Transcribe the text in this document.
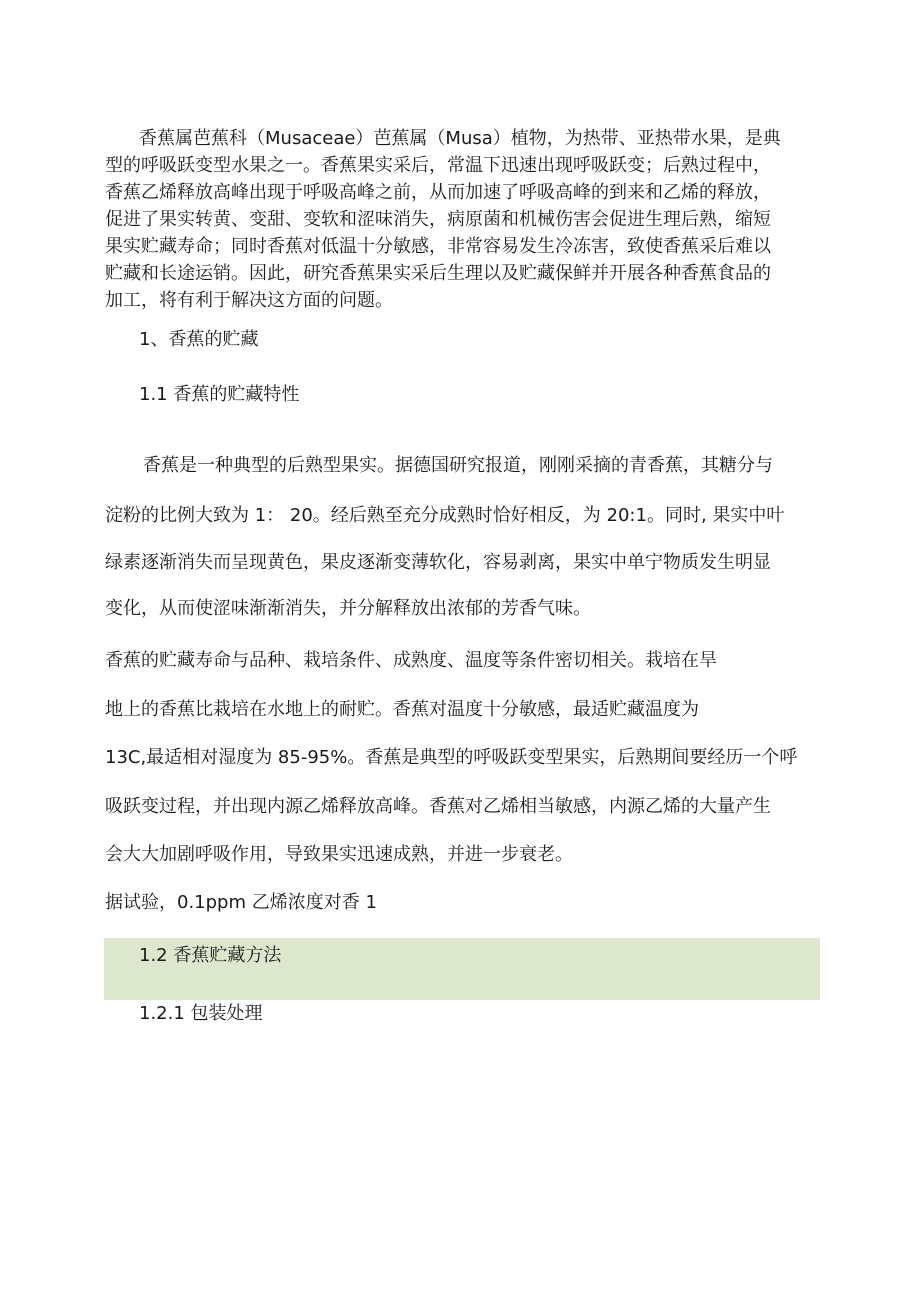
香蕉属芭蕉科（Musaceae）芭蕉属（Musa）植物，为热带、亚热带水果，是典

型的呼吸跃变型水果之一。香蕉果实采后，常温下迅速出现呼吸跃变；后熟过程中，

香蕉乙烯释放高峰出现于呼吸高峰之前，从而加速了呼吸高峰的到来和乙烯的释放，

促进了果实转黄、变甜、变软和涩味消失，病原菌和机械伤害会促进生理后熟，缩短

果实贮藏寿命；同时香蕉对低温十分敏感，非常容易发生冷冻害，致使香蕉采后难以

贮藏和长途运销。因此，研究香蕉果实采后生理以及贮藏保鲜并开展各种香蕉食品的

加工，将有利于解决这方面的问题。

1、香蕉的贮藏

1.1 香蕉的贮藏特性

香蕉是一种典型的后熟型果实。据德国研究报道，刚刚采摘的青香蕉，其糖分与

淀粉的比例大致为 1： 20。经后熟至充分成熟时恰好相反，为 20:1。同时, 果实中叶

绿素逐渐消失而呈现黄色，果皮逐渐变薄软化，容易剥离，果实中单宁物质发生明显

变化，从而使涩味渐渐消失，并分解释放出浓郁的芳香气味。

香蕉的贮藏寿命与品种、栽培条件、成熟度、温度等条件密切相关。栽培在旱

地上的香蕉比栽培在水地上的耐贮。香蕉对温度十分敏感，最适贮藏温度为

13C,最适相对湿度为 85-95%。香蕉是典型的呼吸跃变型果实，后熟期间要经历一个呼

吸跃变过程，并出现内源乙烯释放高峰。香蕉对乙烯相当敏感，内源乙烯的大量产生

会大大加剧呼吸作用，导致果实迅速成熟，并进一步衰老。

据试验，0.1ppm 乙烯浓度对香 1

1.2 香蕉贮藏方法

1.2.1 包装处理
